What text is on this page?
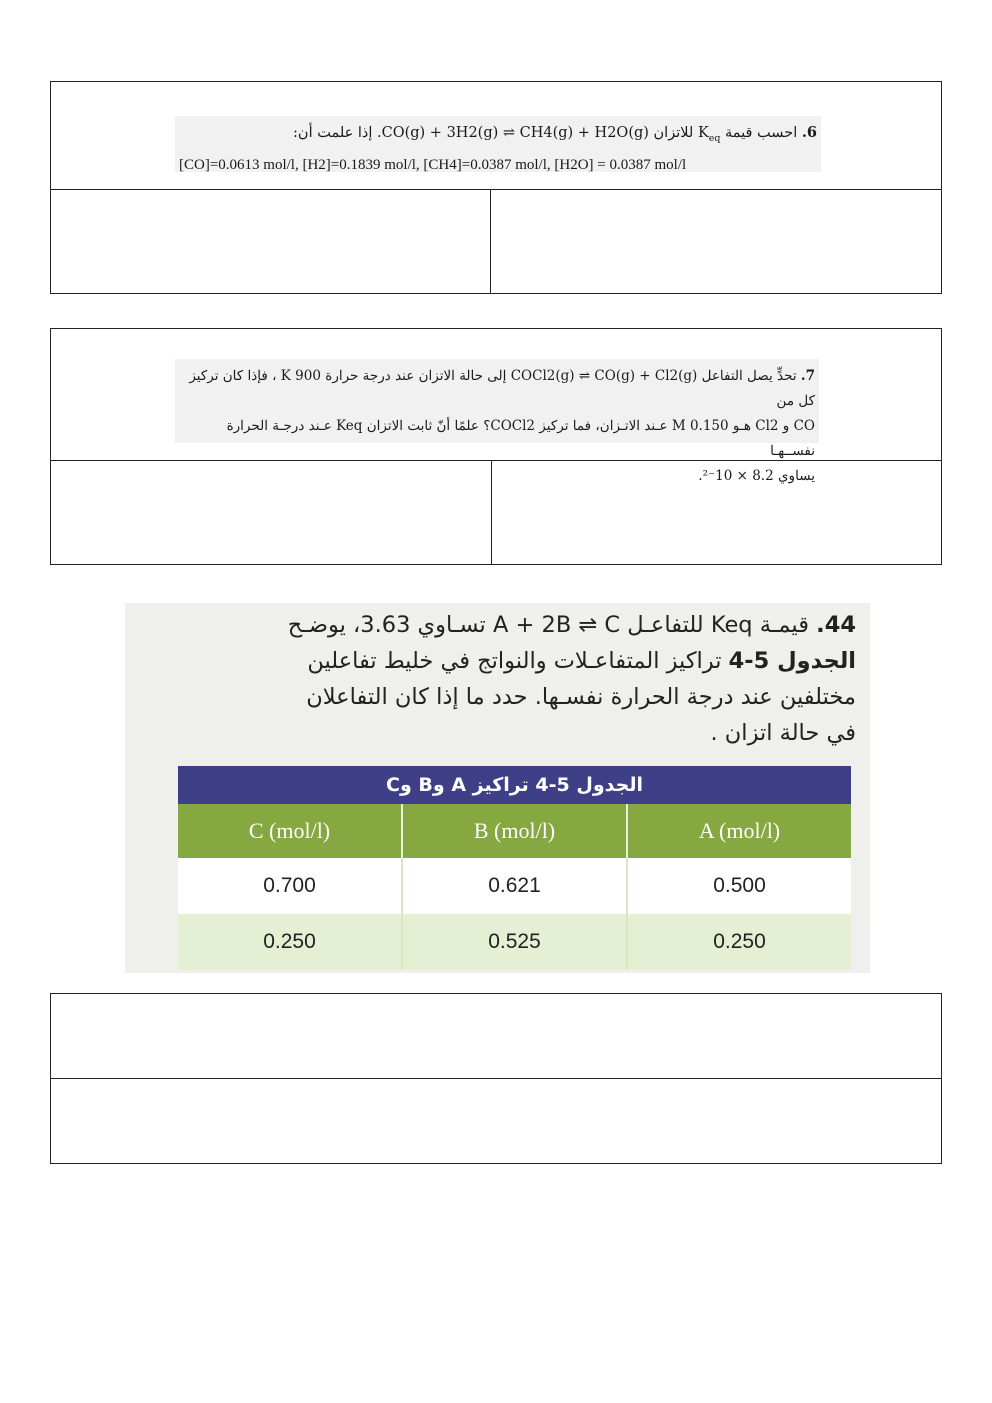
6. احسب قيمة $K_{eq}$ للاتزان CO(g) + 3H2(g) ⇌ CH4(g) + H2O(g). إذا علمت أن:
[CO]=0.0613 mol/l, [H2]=0.1839 mol/l, [CH4]=0.0387 mol/l, [H2O] = 0.0387 mol/l
7. تحدٍّ يصل التفاعل COCl2(g) ⇌ CO(g) + Cl2(g) إلى حالة الاتزان عند درجة حرارة 900 K ، فإذا كان تركيز كل من
CO و Cl2 هـو 0.150 M عـند الاتـزان، فما تركيز COCl2؟ علمًا أنّ ثابت الاتزان Keq عـند درجـة الحرارة نفســهـا
يساوي 8.2 × 10⁻².
44. قيمـة Keq للتفاعـل A + 2B ⇌ C تسـاوي 3.63، يوضـح
الجدول 5-4 تراكيز المتفاعـلات والنواتج في خليط تفاعلين
مختلفين عند درجة الحرارة نفسـها. حدد ما إذا كان التفاعلان
في حالة اتزان .
الجدول 5-4 تراكيز A وB وC
C (mol/l)	B (mol/l)	A (mol/l)
0.700	0.621	0.500
0.250	0.525	0.250
